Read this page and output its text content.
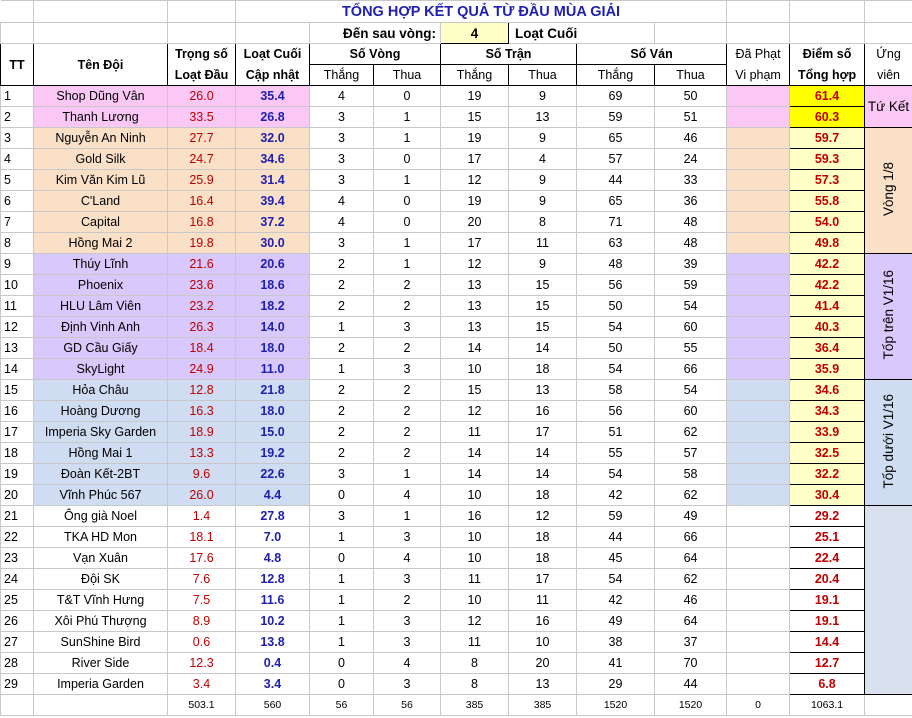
			TỔNG HỢP KẾT QUẢ TỪ ĐẦU MÙA GIẢI									
				Đến sau vòng:		4	Loạt Cuối					
TT	Tên Đội	Trọng số	Loạt Cuối	Số Vòng		Số Trận		Số Ván		Đã Phạt	Điểm số	Ứng
		Loạt Đầu	Cập nhật	Thắng	Thua	Thắng	Thua	Thắng	Thua	Vi phạm	Tổng hợp	viên
1	Shop Dũng Vân	26.0	35.4	4	0	19	9	69	50		61.4	Tứ Kết
2	Thanh Lương	33.5	26.8	3	1	15	13	59	51		60.3	
3	Nguyễn An Ninh	27.7	32.0	3	1	19	9	65	46		59.7	Vòng 1/8
4	Gold Silk	24.7	34.6	3	0	17	4	57	24		59.3	
5	Kim Văn Kim Lũ	25.9	31.4	3	1	12	9	44	33		57.3	
6	C'Land	16.4	39.4	4	0	19	9	65	36		55.8	
7	Capital	16.8	37.2	4	0	20	8	71	48		54.0	
8	Hồng Mai 2	19.8	30.0	3	1	17	11	63	48		49.8	
9	Thúy Lĩnh	21.6	20.6	2	1	12	9	48	39		42.2	Tốp trên V1/16
10	Phoenix	23.6	18.6	2	2	13	15	56	59		42.2	
11	HLU Lâm Viên	23.2	18.2	2	2	13	15	50	54		41.4	
12	Định Vinh Anh	26.3	14.0	1	3	13	15	54	60		40.3	
13	GD Cầu Giấy	18.4	18.0	2	2	14	14	50	55		36.4	
14	SkyLight	24.9	11.0	1	3	10	18	54	66		35.9	
15	Hỏa Châu	12.8	21.8	2	2	15	13	58	54		34.6	Tốp dưới V1/16
16	Hoàng Dương	16.3	18.0	2	2	12	16	56	60		34.3	
17	Imperia Sky Garden	18.9	15.0	2	2	11	17	51	62		33.9	
18	Hồng Mai 1	13.3	19.2	2	2	14	14	55	57		32.5	
19	Đoàn Kết-2BT	9.6	22.6	3	1	14	14	54	58		32.2	
20	Vĩnh Phúc 567	26.0	4.4	0	4	10	18	42	62		30.4	
21	Ông già Noel	1.4	27.8	3	1	16	12	59	49		29.2	
22	TKA HD Mon	18.1	7.0	1	3	10	18	44	66		25.1	
23	Vạn Xuân	17.6	4.8	0	4	10	18	45	64		22.4	
24	Đội SK	7.6	12.8	1	3	11	17	54	62		20.4	
25	T&T Vĩnh Hưng	7.5	11.6	1	2	10	11	42	46		19.1	
26	Xôi Phú Thượng	8.9	10.2	1	3	12	16	49	64		19.1	
27	SunShine Bird	0.6	13.8	1	3	11	10	38	37		14.4	
28	River Side	12.3	0.4	0	4	8	20	41	70		12.7	
29	Imperia Garden	3.4	3.4	0	3	8	13	29	44		6.8	
		503.1	560	56	56	385	385	1520	1520	0	1063.1	
